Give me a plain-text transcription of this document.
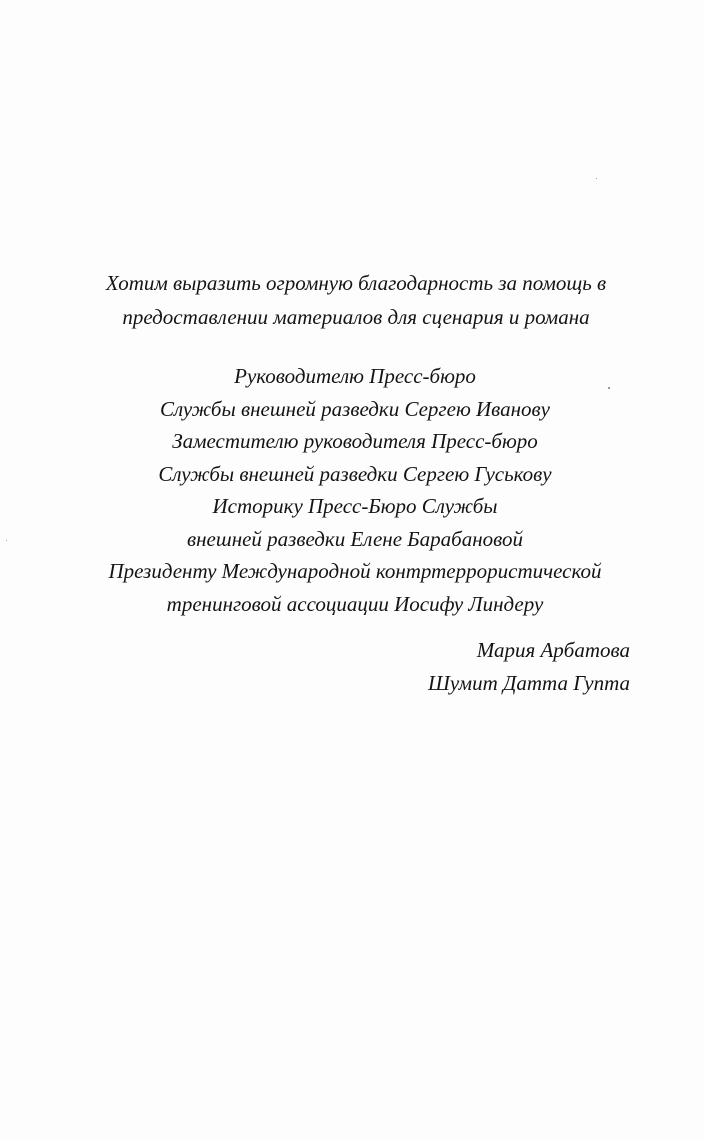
Хотим выразить огромную благодарность за помощь в
предоставлении материалов для сценария и романа
Руководителю Пресс-бюро
Службы внешней разведки Сергею Иванову
Заместителю руководителя Пресс-бюро
Службы внешней разведки Сергею Гуськову
Историку Пресс-Бюро Службы
внешней разведки Елене Барабановой
Президенту Международной контртеррористической
тренинговой ассоциации Иосифу Линдеру
Мария Арбатова
Шумит Датта Гупта
